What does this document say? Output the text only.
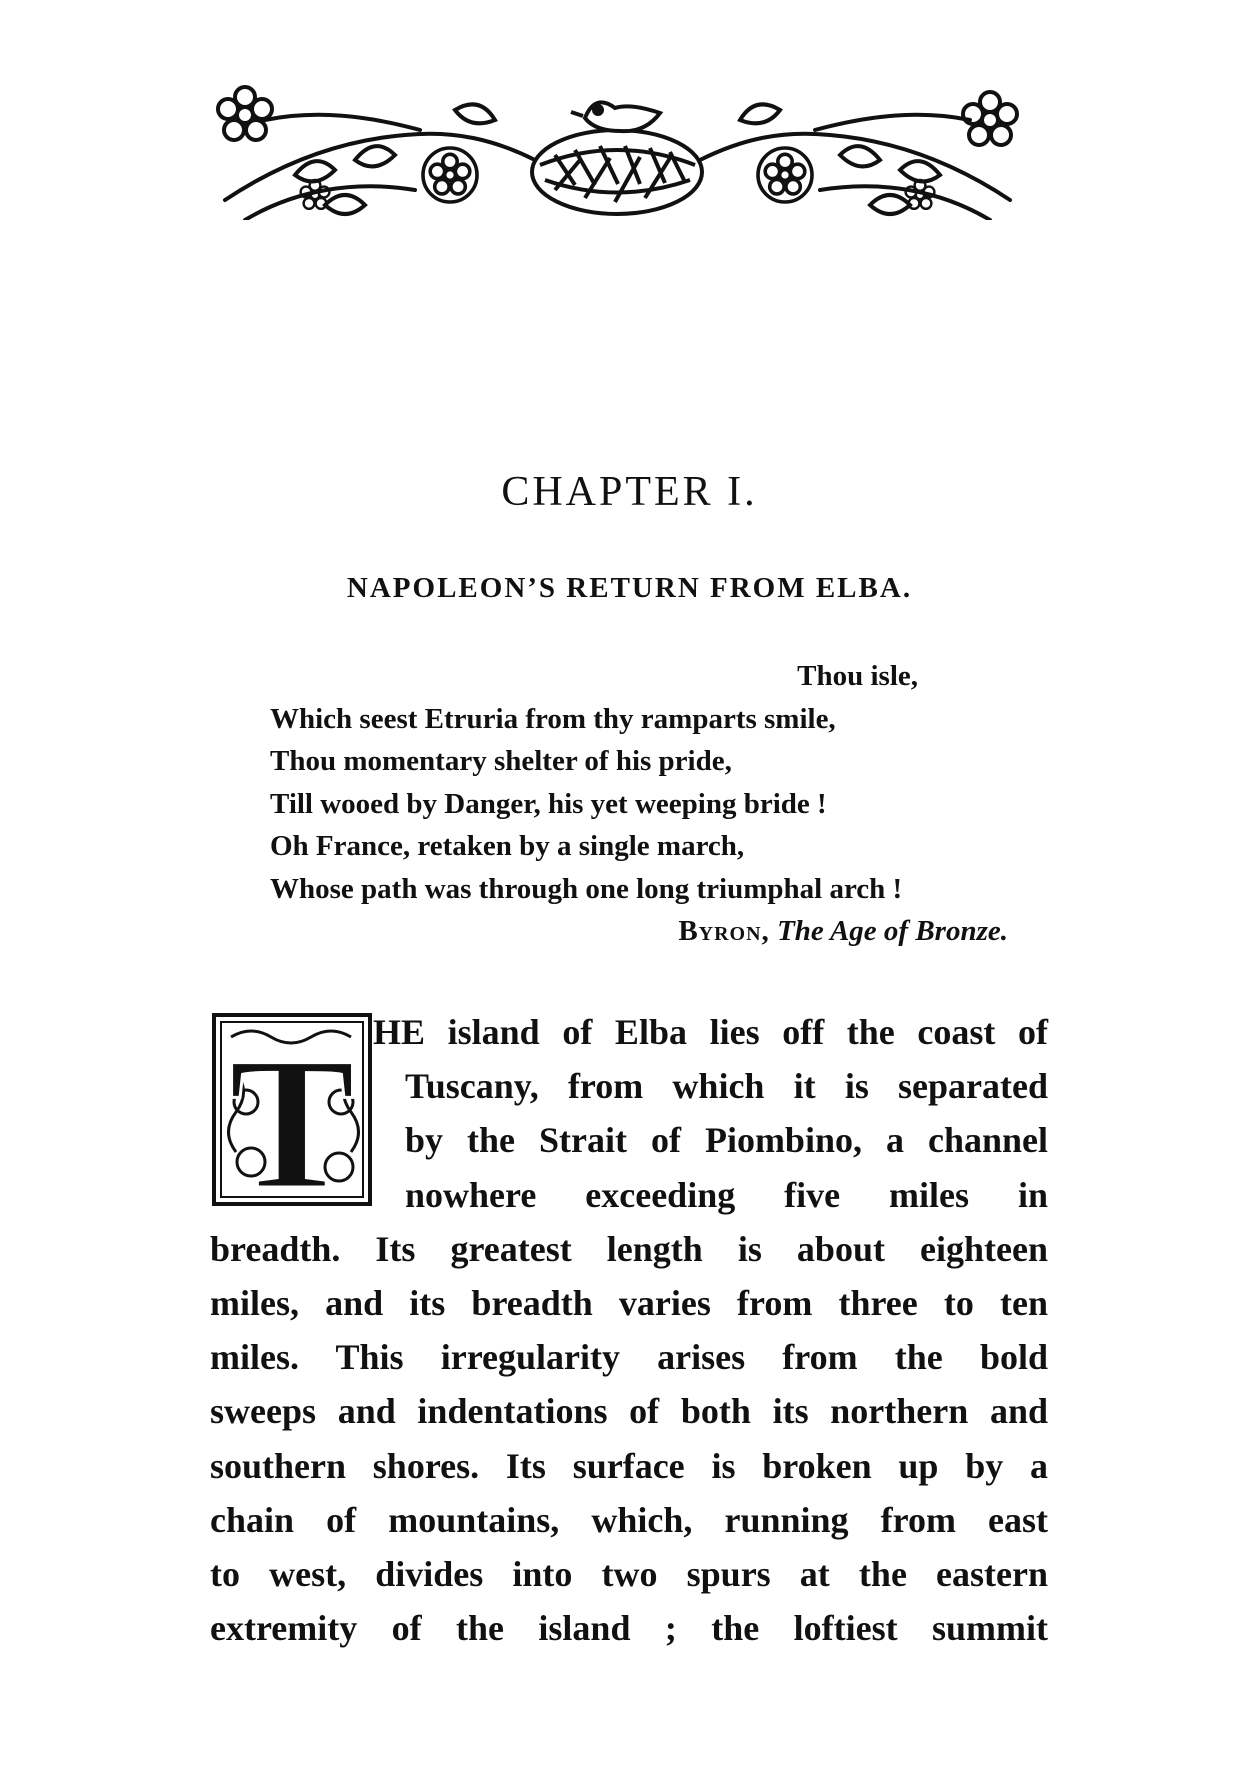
CHAPTER I.
NAPOLEON’S RETURN FROM ELBA.
Thou isle,
Which seest Etruria from thy ramparts smile,
Thou momentary shelter of his pride,
Till wooed by Danger, his yet weeping bride !
Oh France, retaken by a single march,
Whose path was through one long triumphal arch !
Byron, The Age of Bronze.
T HE island of Elba lies off the coast of
Tuscany, from which it is separated
by the Strait of Piombino, a channel
nowhere exceeding five miles in
breadth. Its greatest length is about eighteen
miles, and its breadth varies from three to ten
miles. This irregularity arises from the bold
sweeps and indentations of both its northern and
southern shores. Its surface is broken up by a
chain of mountains, which, running from east
to west, divides into two spurs at the eastern
extremity of the island ; the loftiest summit
